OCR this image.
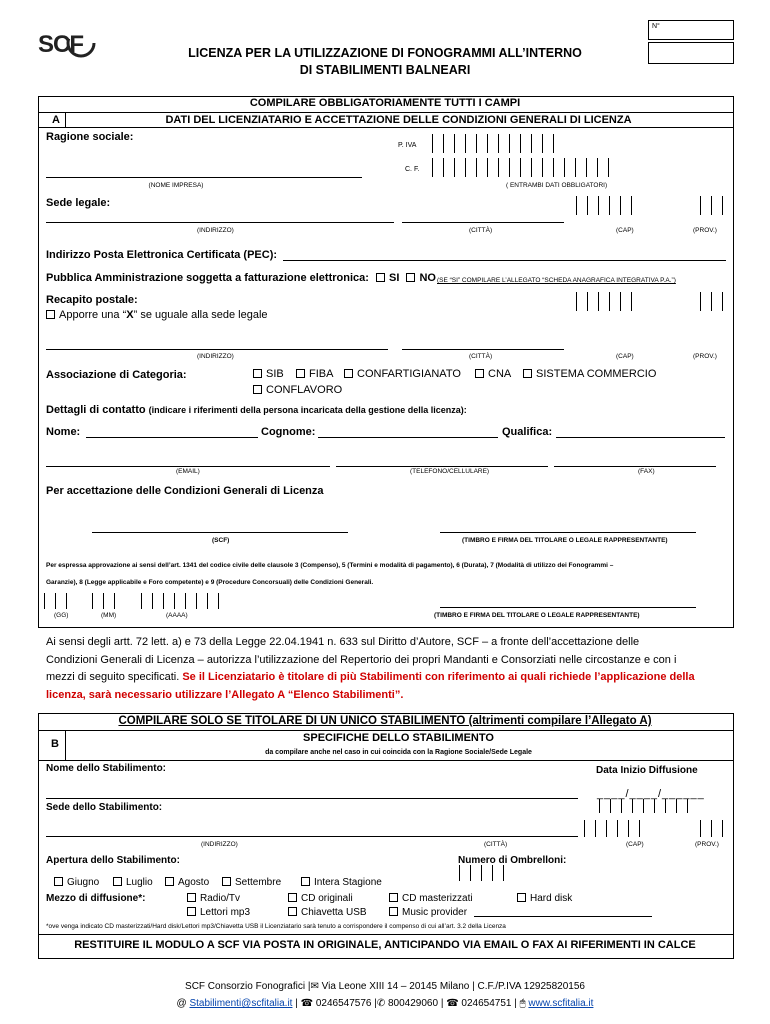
SCF	LICENZA PER LA UTILIZZAZIONE DI FONOGRAMMI ALL’INTERNO
DI STABILIMENTI BALNEARI
N°
COMPILARE OBBLIGATORIAMENTE TUTTI I CAMPI
A	DATI DEL LICENZIATARIO E ACCETTAZIONE DELLE CONDIZIONI GENERALI DI LICENZA
Ragione sociale:
P. IVA
C. F.
(NOME IMPRESA)	( ENTRAMBI DATI OBBLIGATORI)
Sede legale:
(INDIRIZZO)	(CITTÀ)	(CAP)	(PROV.)
Indirizzo Posta Elettronica Certificata (PEC):
Pubblica Amministrazione soggetta a fatturazione elettronica: SI NO (SE “SI” COMPILARE L’ALLEGATO “SCHEDA ANAGRAFICA INTEGRATIVA P.A.”)
Recapito postale:
Apporre una “X” se uguale alla sede legale
(INDIRIZZO)	(CITTÀ)	(CAP)	(PROV.)
Associazione di Categoria:	SIB	FIBA	CONFARTIGIANATO	CNA	SISTEMA COMMERCIO
CONFLAVORO
Dettagli di contatto (indicare i riferimenti della persona incaricata della gestione della licenza):
Nome:	Cognome:	Qualifica:
(EMAIL)	(TELEFONO/CELLULARE)	(FAX)
Per accettazione delle Condizioni Generali di Licenza
(SCF)	(TIMBRO E FIRMA DEL TITOLARE O LEGALE RAPPRESENTANTE)
Per espressa approvazione ai sensi dell’art. 1341 del codice civile delle clausole 3 (Compenso), 5 (Termini e modalità di pagamento), 6 (Durata), 7 (Modalità di utilizzo dei Fonogrammi –
Garanzie), 8 (Legge applicabile e Foro competente) e 9 (Procedure Concorsuali) delle Condizioni Generali.
(GG)	(MM)	(AAAA)	(TIMBRO E FIRMA DEL TITOLARE O LEGALE RAPPRESENTANTE)
Ai sensi degli artt. 72 lett. a) e 73 della Legge 22.04.1941 n. 633 sul Diritto d’Autore, SCF – a fronte dell’accettazione delle
Condizioni Generali di Licenza – autorizza l’utilizzazione del Repertorio dei propri Mandanti e Consorziati nelle circostanze e con i
mezzi di seguito specificati. Se il Licenziatario è titolare di più Stabilimenti con riferimento ai quali richiede l’applicazione della
licenza, sarà necessario utilizzare l’Allegato A “Elenco Stabilimenti”.
COMPILARE SOLO SE TITOLARE DI UN UNICO STABILIMENTO (altrimenti compilare l’Allegato A)
B	SPECIFICHE DELLO STABILIMENTO
da compilare anche nel caso in cui coincida con la Ragione Sociale/Sede Legale
Nome dello Stabilimento:	Data Inizio Diffusione
____/____/______
Sede dello Stabilimento:
(INDIRIZZO)	(CITTÀ)	(CAP)	(PROV.)
Apertura dello Stabilimento:	Numero di Ombrelloni:
Giugno	Luglio	Agosto	Settembre	Intera Stagione
Mezzo di diffusione*:	Radio/Tv	CD originali	CD masterizzati	Hard disk
Lettori mp3	Chiavetta USB	Music provider
*ove venga indicato CD masterizzati/Hard disk/Lettori mp3/Chiavetta USB il Licenziatario sarà tenuto a corrispondere il compenso di cui all’art. 3.2 della Licenza
RESTITUIRE IL MODULO A SCF VIA POSTA IN ORIGINALE, ANTICIPANDO VIA EMAIL O FAX AI RIFERIMENTI IN CALCE
SCF Consorzio Fonografici |✉ Via Leone XIII 14 – 20145 Milano | C.F./P.IVA 12925820156
@ Stabilimenti@scfitalia.it | ☎ 0246547576 |✆ 800429060 | ☎ 024654751 | 🖱 www.scfitalia.it
